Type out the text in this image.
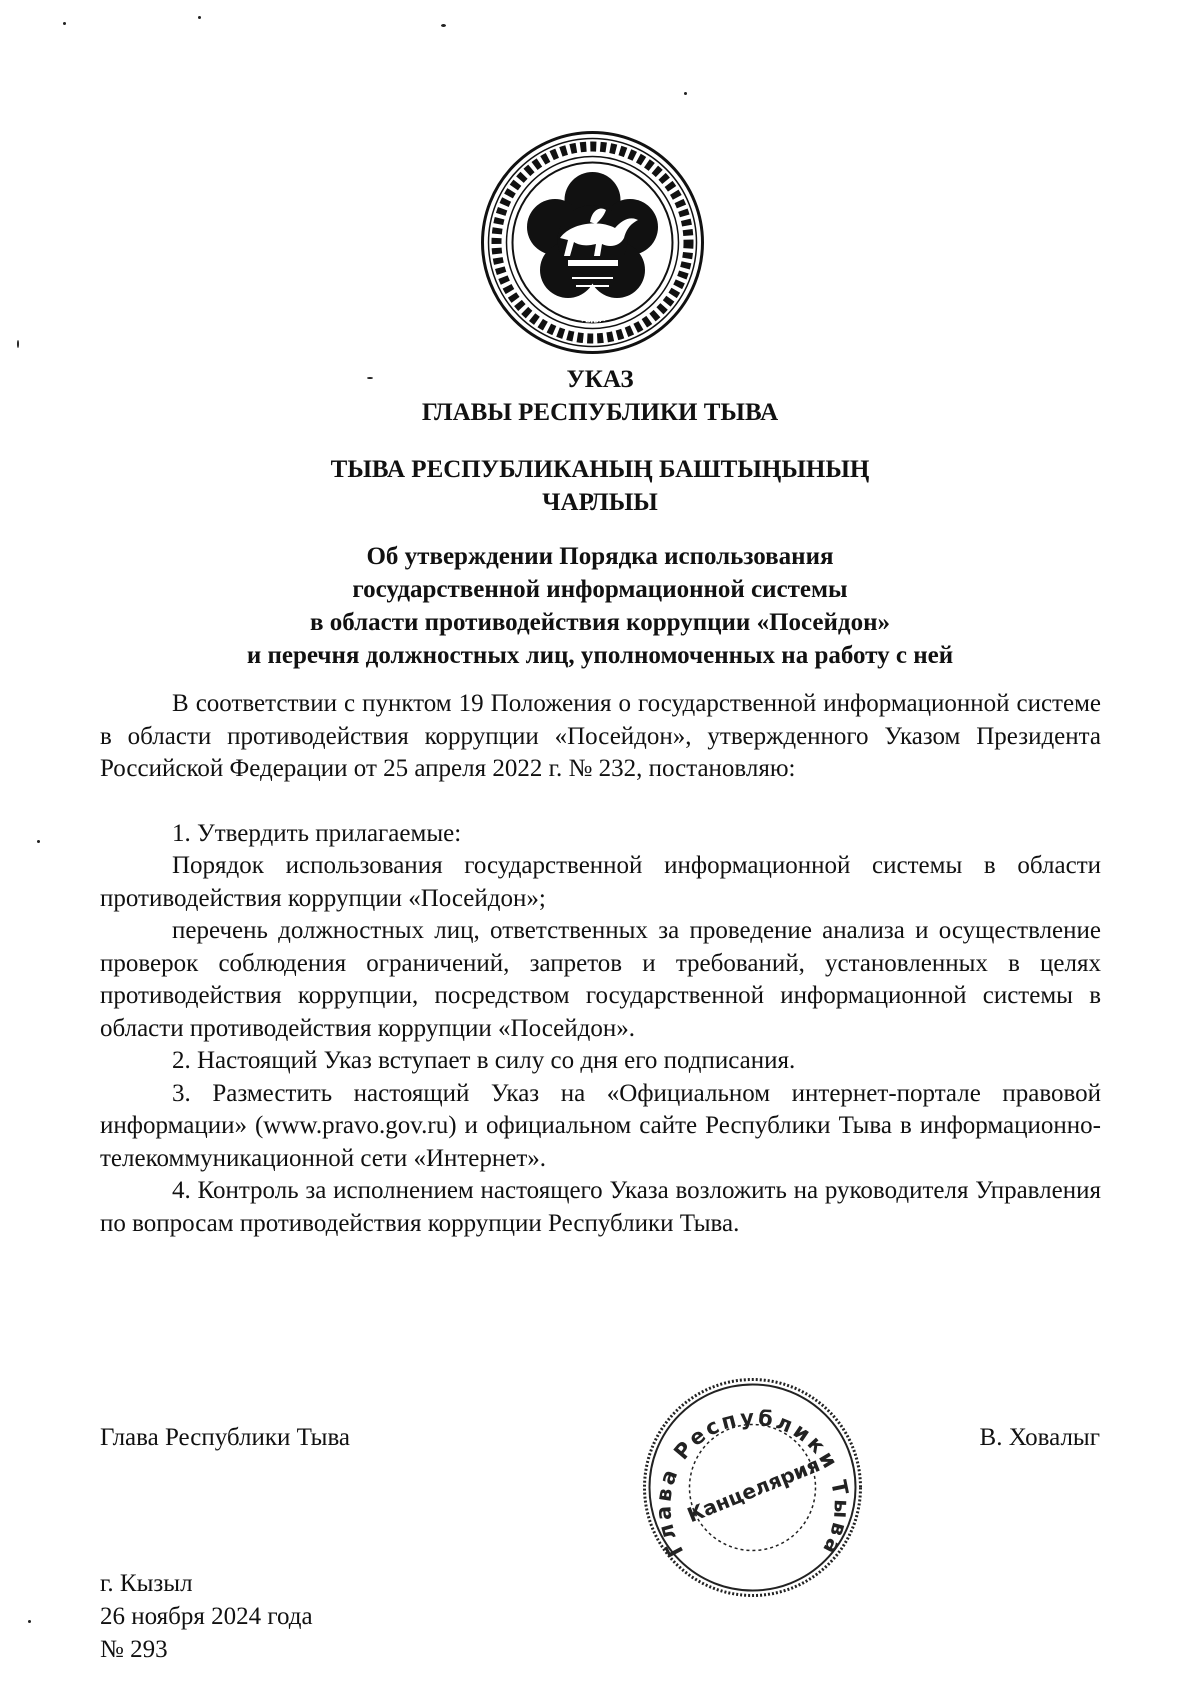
ТЫВА
УКАЗ
ГЛАВЫ РЕСПУБЛИКИ ТЫВА
ТЫВА РЕСПУБЛИКАНЫҢ БАШТЫҢЫНЫҢ
ЧАРЛЫЫ
Об утверждении Порядка использования
государственной информационной системы
в области противодействия коррупции «Посейдон»
и перечня должностных лиц, уполномоченных на работу с ней

В соответствии с пунктом 19 Положения о государственной информационной системе в области противодействия коррупции «Посейдон», утвержденного Указом Президента Российской Федерации от 25 апреля 2022 г. № 232, постановляю:

1. Утвердить прилагаемые:

Порядок использования государственной информационной системы в области противодействия коррупции «Посейдон»;

перечень должностных лиц, ответственных за проведение анализа и осуществление проверок соблюдения ограничений, запретов и требований, установленных в целях противодействия коррупции, посредством государственной информационной системы в области противодействия коррупции «Посейдон».

2. Настоящий Указ вступает в силу со дня его подписания.

3. Разместить настоящий Указ на «Официальном интернет-портале правовой информации» (www.pravo.gov.ru) и официальном сайте Республики Тыва в информационно-телекоммуникационной сети «Интернет».

4. Контроль за исполнением настоящего Указа возложить на руководителя Управления по вопросам противодействия коррупции Республики Тыва.

Глава Республики Тыва	В. Ховалыг
Глава Республики Тыва
Канцелярия
г. Кызыл
26 ноября 2024 года
№ 293
